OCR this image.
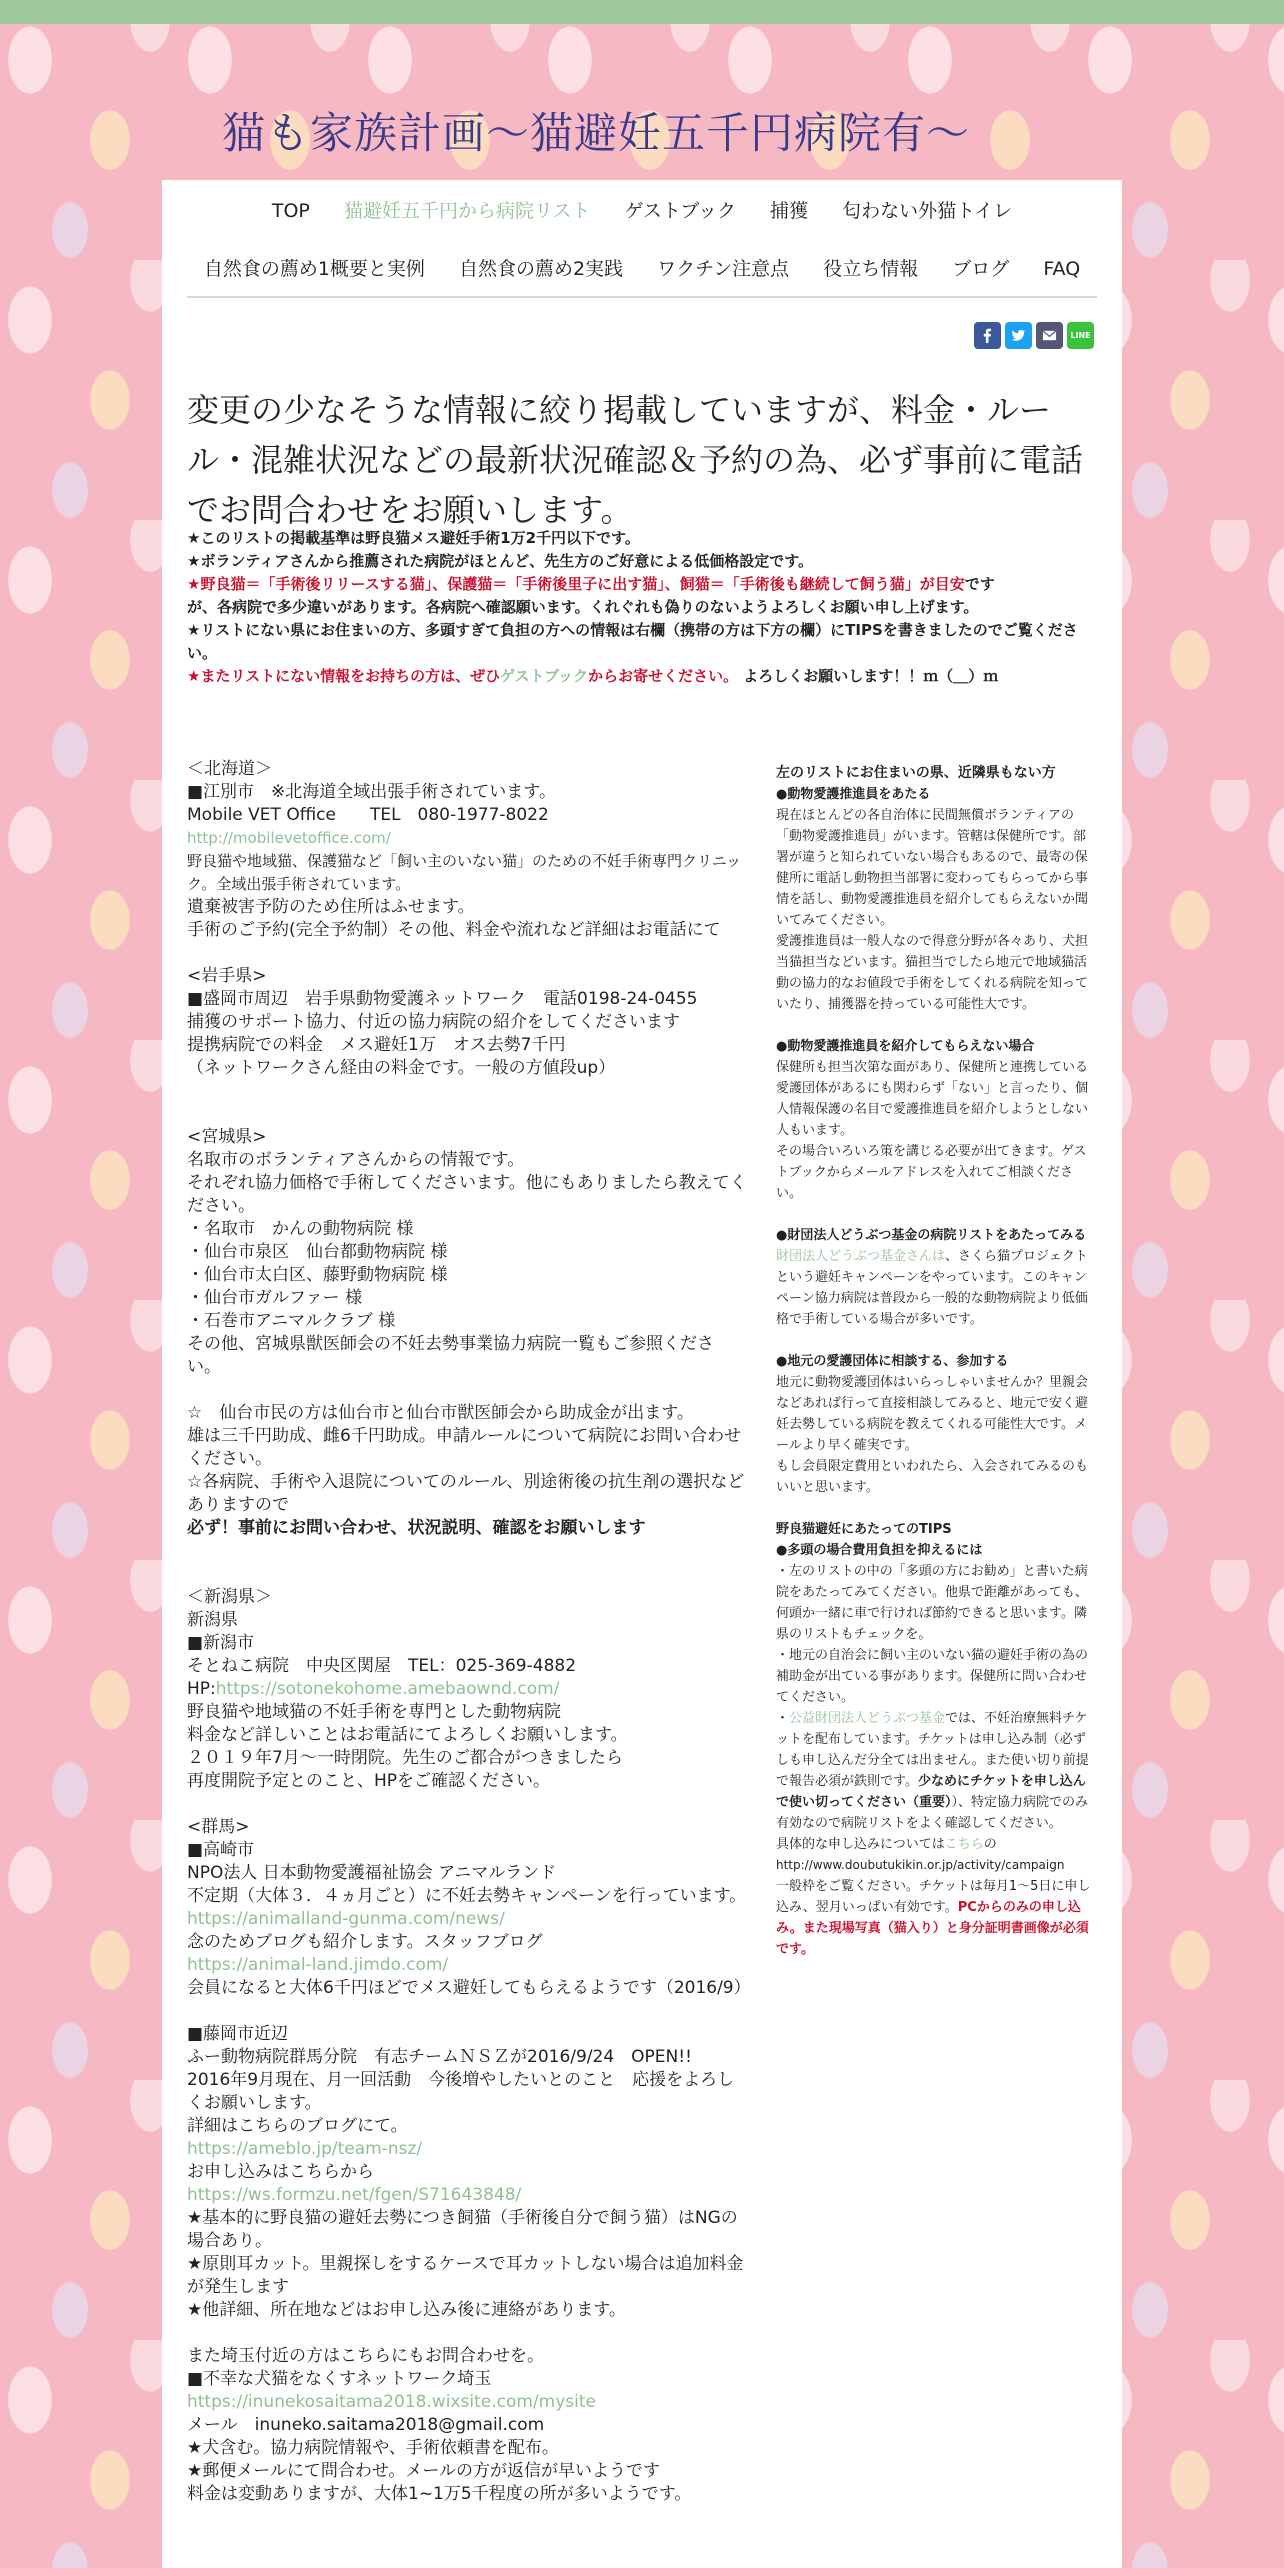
猫も家族計画～猫避妊五千円病院有～
TOP 猫避妊五千円から病院リスト ゲストブック 捕獲 匂わない外猫トイレ
自然食の薦め1概要と実例 自然食の薦め2実践 ワクチン注意点 役立ち情報 ブログ FAQ
LINE
変更の少なそうな情報に絞り掲載していますが、料金・ルール・混雑状況などの最新状況確認＆予約の為、必ず事前に電話でお問合わせをお願いします。

★このリストの掲載基準は野良猫メス避妊手術1万2千円以下です。

★ボランティアさんから推薦された病院がほとんど、先生方のご好意による低価格設定です。

★野良猫＝「手術後リリースする猫」、保護猫＝「手術後里子に出す猫」、飼猫＝「手術後も継続して飼う猫」が目安です

が、各病院で多少違いがあります。各病院へ確認願います。くれぐれも偽りのないようよろしくお願い申し上げます。

★リストにない県にお住まいの方、多頭すぎて負担の方への情報は右欄（携帯の方は下方の欄）にTIPSを書きましたのでご覧ください。

★またリストにない情報をお持ちの方は、ぜひゲストブックからお寄せください。 よろしくお願いします！！ｍ（＿）ｍ

＜北海道＞

■江別市　※北海道全域出張手術されています。

Mobile VET Office　　TEL　080-1977-8022

http://mobilevetoffice.com/

野良猫や地域猫、保護猫など「飼い主のいない猫」のための不妊手術専門クリニック。全域出張手術されています。

遺棄被害予防のため住所はふせます。

手術のご予約(完全予約制）その他、料金や流れなど詳細はお電話にて

<岩手県>

■盛岡市周辺　岩手県動物愛護ネットワーク　電話0198-24-0455

捕獲のサポート協力、付近の協力病院の紹介をしてくださいます

提携病院での料金　メス避妊1万　オス去勢7千円

（ネットワークさん経由の料金です。一般の方値段up）

<宮城県>

名取市のボランティアさんからの情報です。

それぞれ協力価格で手術してくださいます。他にもありましたら教えてください。

・名取市　かんの動物病院 様

・仙台市泉区　仙台都動物病院 様

・仙台市太白区、藤野動物病院 様

・仙台市ガルファー 様

・石巻市アニマルクラブ 様

その他、宮城県獣医師会の不妊去勢事業協力病院一覧もご参照ください。

☆　仙台市民の方は仙台市と仙台市獣医師会から助成金が出ます。

雄は三千円助成、雌6千円助成。申請ルールについて病院にお問い合わせください。

☆各病院、手術や入退院についてのルール、別途術後の抗生剤の選択などありますので

必ず！事前にお問い合わせ、状況説明、確認をお願いします

＜新潟県＞

新潟県

■新潟市

そとねこ病院　中央区関屋　TEL：025-369-4882

HP:https://sotonekohome.amebaownd.com/

野良猫や地域猫の不妊手術を専門とした動物病院

料金など詳しいことはお電話にてよろしくお願いします。

２０１９年7月～一時閉院。先生のご都合がつきましたら

再度開院予定とのこと、HPをご確認ください。

<群馬>

■高崎市

NPO法人 日本動物愛護福祉協会 アニマルランド

不定期（大体３．４ヵ月ごと）に不妊去勢キャンペーンを行っています。　https://animalland-gunma.com/news/

念のためブログも紹介します。スタッフブログ

https://animal-land.jimdo.com/

会員になると大体6千円ほどでメス避妊してもらえるようです（2016/9）

■藤岡市近辺

ふー動物病院群馬分院　有志チームＮＳＺが2016/9/24　OPEN!!

2016年9月現在、月一回活動　今後増やしたいとのこと　応援をよろしくお願いします。

詳細はこちらのブログにて。

https://ameblo.jp/team-nsz/

お申し込みはこちらから

https://ws.formzu.net/fgen/S71643848/

★基本的に野良猫の避妊去勢につき飼猫（手術後自分で飼う猫）はNGの場合あり。

★原則耳カット。里親探しをするケースで耳カットしない場合は追加料金が発生します

★他詳細、所在地などはお申し込み後に連絡があります。

また埼玉付近の方はこちらにもお問合わせを。

■不幸な犬猫をなくすネットワーク埼玉

https://inunekosaitama2018.wixsite.com/mysite

メール　inuneko.saitama2018@gmail.com

★犬含む。協力病院情報や、手術依頼書を配布。

★郵便メールにて問合わせ。メールの方が返信が早いようです

料金は変動ありますが、大体1~1万5千程度の所が多いようです。

左のリストにお住まいの県、近隣県もない方

●動物愛護推進員をあたる

現在ほとんどの各自治体に民間無償ボランティアの「動物愛護推進員」がいます。管轄は保健所です。部署が違うと知られていない場合もあるので、最寄の保健所に電話し動物担当部署に変わってもらってから事情を話し、動物愛護推進員を紹介してもらえないか聞いてみてください。

愛護推進員は一般人なので得意分野が各々あり、犬担当猫担当などいます。猫担当でしたら地元で地域猫活動の協力的なお値段で手術をしてくれる病院を知っていたり、捕獲器を持っている可能性大です。

●動物愛護推進員を紹介してもらえない場合

保健所も担当次第な面があり、保健所と連携している愛護団体があるにも関わらず「ない」と言ったり、個人情報保護の名目で愛護推進員を紹介しようとしない人もいます。

その場合いろいろ策を講じる必要が出てきます。ゲストブックからメールアドレスを入れてご相談ください。

●財団法人どうぶつ基金の病院リストをあたってみる

財団法人どうぶつ基金さんは、さくら猫プロジェクトという避妊キャンペーンをやっています。このキャンペーン協力病院は普段から一般的な動物病院より低価格で手術している場合が多いです。

●地元の愛護団体に相談する、参加する

地元に動物愛護団体はいらっしゃいませんか？里親会などあれば行って直接相談してみると、地元で安く避妊去勢している病院を教えてくれる可能性大です。メールより早く確実です。

もし会員限定費用といわれたら、入会されてみるのもいいと思います。

野良猫避妊にあたってのTIPS

●多頭の場合費用負担を抑えるには

・左のリストの中の「多頭の方にお勧め」と書いた病院をあたってみてください。他県で距離があっても、何頭か一緒に車で行ければ節約できると思います。隣県のリストもチェックを。

・地元の自治会に飼い主のいない猫の避妊手術の為の補助金が出ている事があります。保健所に問い合わせてください。

・公益財団法人どうぶつ基金では、不妊治療無料チケットを配布しています。チケットは申し込み制（必ずしも申し込んだ分全ては出ません。また使い切り前提で報告必須が鉄則です。少なめにチケットを申し込んで使い切ってください（重要））、特定協力病院でのみ有効なので病院リストをよく確認してください。

具体的な申し込みについてはこちらの

http://www.doubutukikin.or.jp/activity/campaign

一般枠をご覧ください。チケットは毎月1～5日に申し込み、翌月いっぱい有効です。PCからのみの申し込み。また現場写真（猫入り）と身分証明書画像が必須です。
